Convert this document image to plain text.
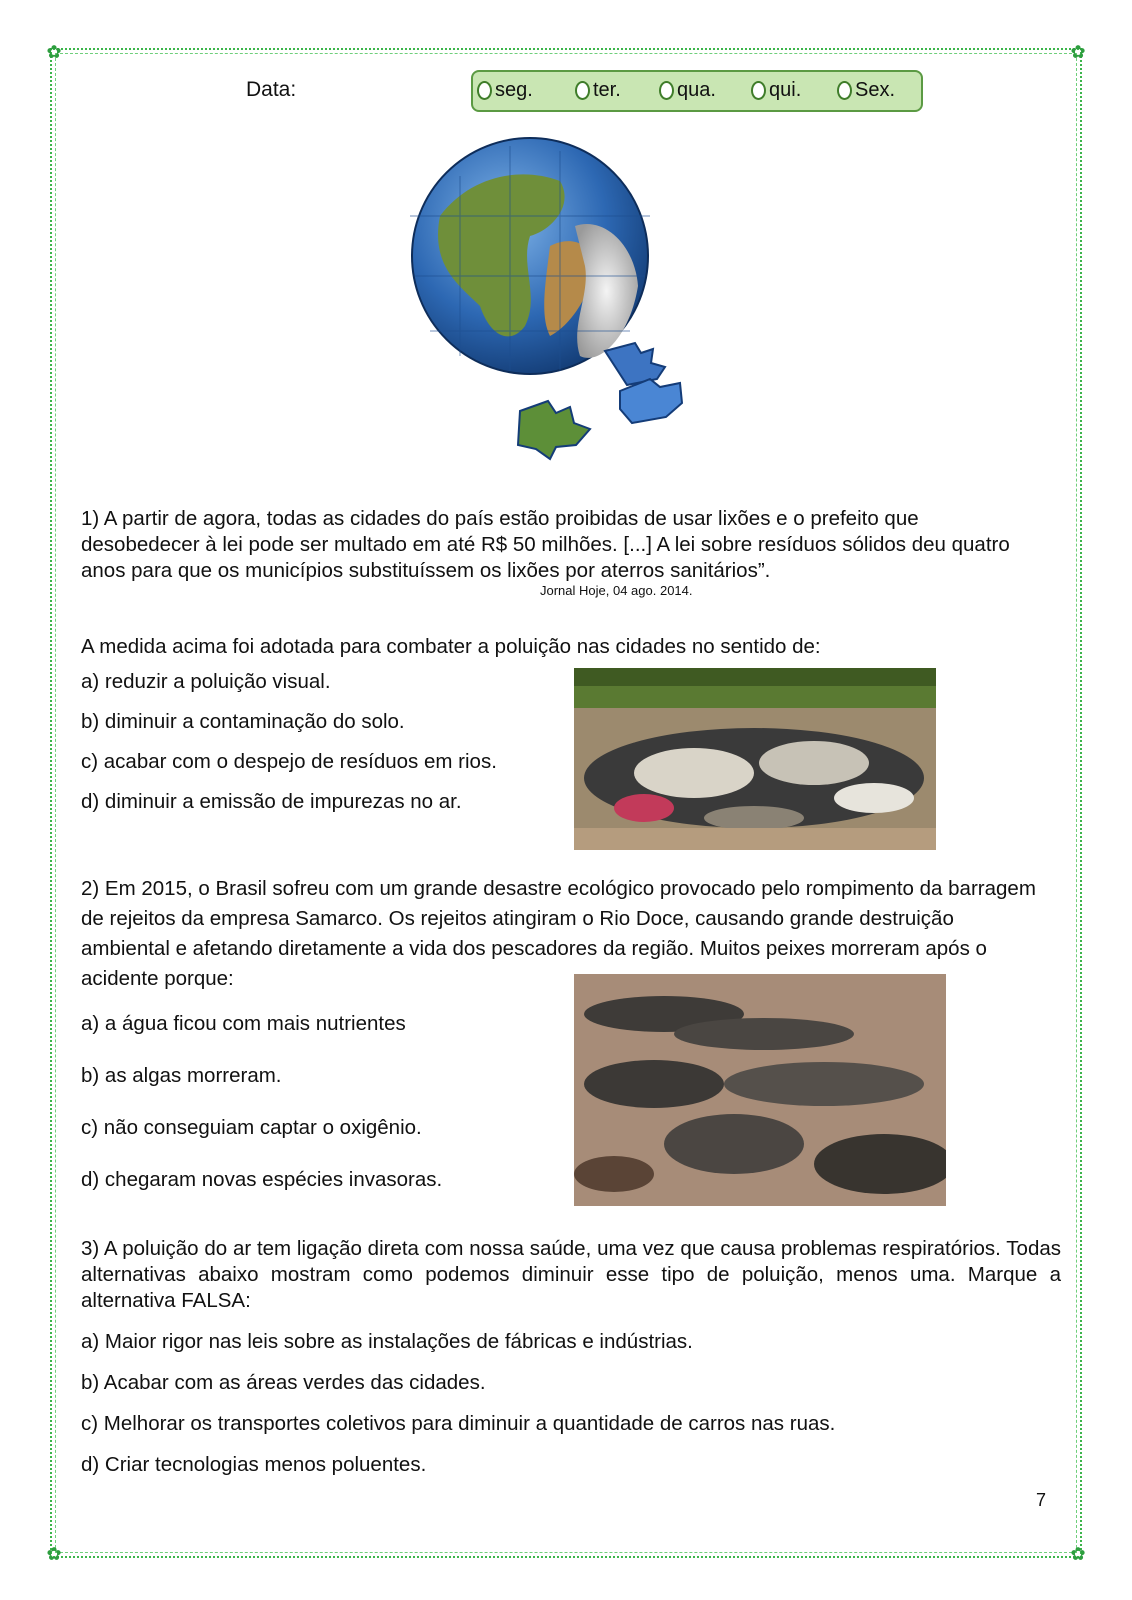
✿	✿
✿	✿
Data:	seg.	ter.	qua.	qui.	Sex.
1) A partir de agora, todas as cidades do país estão proibidas de usar lixões e o prefeito que desobedecer à lei pode ser multado em até R$ 50 milhões. [...] A lei sobre resíduos sólidos deu quatro anos para que os municípios substituíssem os lixões por aterros sanitários”.
Jornal Hoje, 04 ago. 2014.
A medida acima foi adotada para combater a poluição nas cidades no sentido de:
a) reduzir a poluição visual.
b) diminuir a contaminação do solo.
c) acabar com o despejo de resíduos em rios.
d) diminuir a emissão de impurezas no ar.
2) Em 2015, o Brasil sofreu com um grande desastre ecológico provocado pelo rompimento da barragem de rejeitos da empresa Samarco. Os rejeitos atingiram o Rio Doce, causando grande destruição ambiental e afetando diretamente a vida dos pescadores da região. Muitos peixes morreram após o acidente porque:
a) a água ficou com mais nutrientes
b) as algas morreram.
c) não conseguiam captar o oxigênio.
d) chegaram novas espécies invasoras.
3) A poluição do ar tem ligação direta com nossa saúde, uma vez que causa problemas respiratórios. Todas alternativas abaixo mostram como podemos diminuir esse tipo de poluição, menos uma. Marque a alternativa FALSA:
a) Maior rigor nas leis sobre as instalações de fábricas e indústrias.
b) Acabar com as áreas verdes das cidades.
c) Melhorar os transportes coletivos para diminuir a quantidade de carros nas ruas.
d) Criar tecnologias menos poluentes.
7
